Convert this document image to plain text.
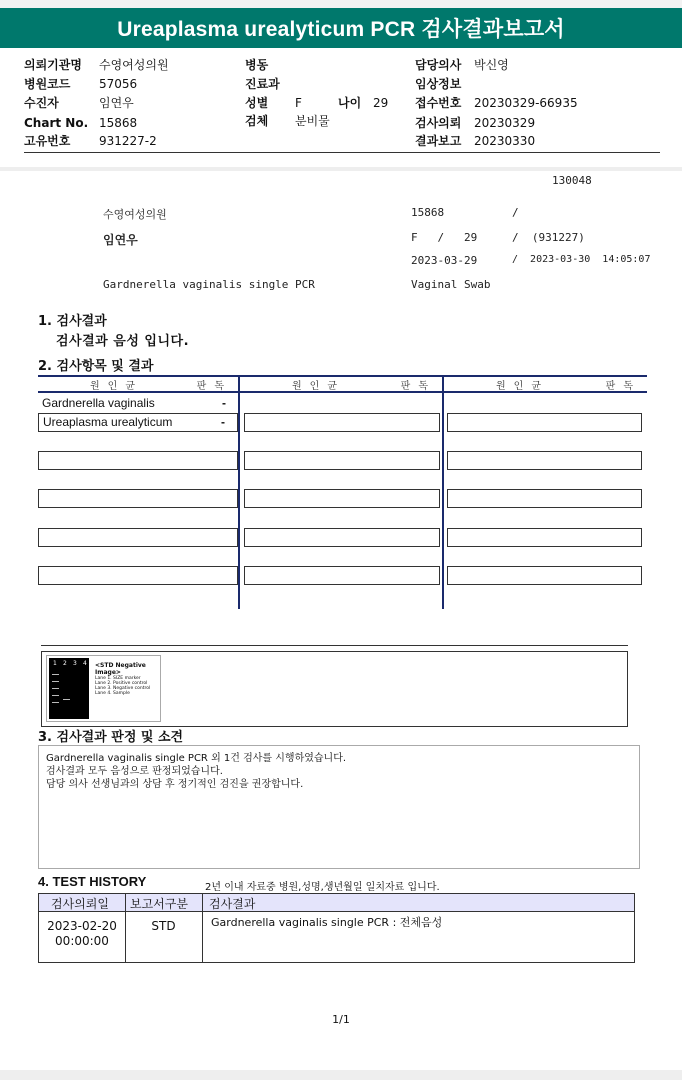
Ureaplasma urealyticum PCR 검사결과보고서
의뢰기관명 수영여성의원
병원코드 57056
수진자	임연우
Chart No. 15868
고유번호 931227-2
병동
진료과
성별 F	나이 29
검체 분비물
담당의사 박신영
임상정보
접수번호 20230329-66935
검사의뢰 20230329
결과보고 20230330
130048
수영여성의원	15868	/
임연우	F   /   29	/  (931227)
2023-03-29	/  2023-03-30  14:05:07
Gardnerella vaginalis single PCR	Vaginal Swab
1. 검사결과
검사결과 음성 입니다.
2. 검사항목 및 결과
원인균	판독	원인균	판독	원인균	판독
Gardnerella vaginalis	-
Ureaplasma urealyticum	-
1 2 3 4 <STD Negative Image>
Lane 1. SIZE marker
Lane 2. Positive control
Lane 3. Negative control
Lane 4. Sample
3. 검사결과 판정 및 소견
Gardnerella vaginalis single PCR 외 1건 검사를 시행하였습니다.
검사결과 모두 음성으로 판정되었습니다.
담당 의사 선생님과의 상담 후 정기적인 검진을 권장합니다.
4. TEST HISTORY	2년 이내 자료중 병원,성명,생년월일 일치자료 입니다.
검사의뢰일 보고서구분 검사결과
2023-02-20
00:00:00
STD	Gardnerella vaginalis single PCR : 전체음성
1/1
